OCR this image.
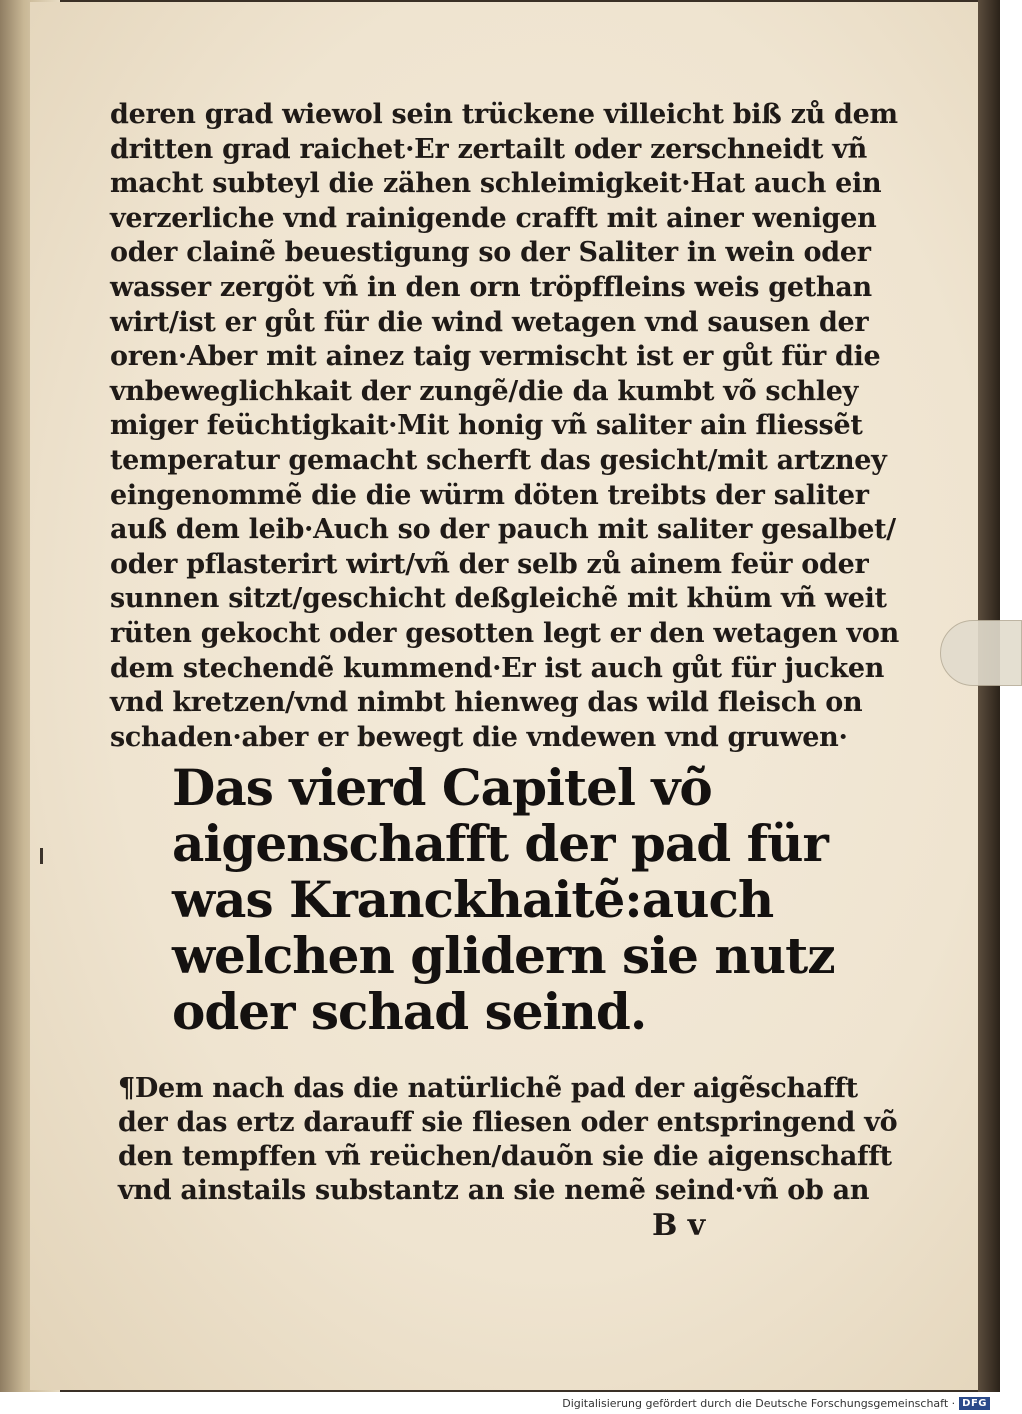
deren grad wiewol sein trückene villeicht biß zů dem
dritten grad raichet·Er zertailt oder zerschneidt vñ
macht subteyl die zähen schleimigkeit·Hat auch ein
verzerliche vnd rainigende crafft mit ainer wenigen
oder clainẽ beuestigung so der Saliter in wein oder
wasser zergöt vñ in den orn tröpffleins weis gethan
wirt/ist er gůt für die wind wetagen vnd sausen der
oren·Aber mit ainez taig vermischt ist er gůt für die
vnbeweglichkait der zungẽ/die da kumbt võ schley
miger feüchtigkait·Mit honig vñ saliter ain fliessẽt
temperatur gemacht scherft das gesicht/mit artzney
eingenommẽ die die würm döten treibts der saliter
auß dem leib·Auch so der pauch mit saliter gesalbet/
oder pflasterirt wirt/vñ der selb zů ainem feür oder
sunnen sitzt/geschicht deßgleichẽ mit khüm vñ weit
rüten gekocht oder gesotten legt er den wetagen von
dem stechendẽ kummend·Er ist auch gůt für jucken
vnd kretzen/vnd nimbt hienweg das wild fleisch on
schaden·aber er bewegt die vndewen vnd gruwen·
Das vierd Capitel võ
aigenschafft der pad für
was Kranckhaitẽ:auch
welchen glidern sie nutz
oder schad seind.
¶Dem nach das die natürlichẽ pad der aigẽschafft
der das ertz darauff sie fliesen oder entspringend võ
den tempffen vñ reüchen/dauõn sie die aigenschafft
vnd ainstails substantz an sie nemẽ seind·vñ ob an
B v
Digitalisierung gefördert durch die Deutsche Forschungsgemeinschaft · DFG
